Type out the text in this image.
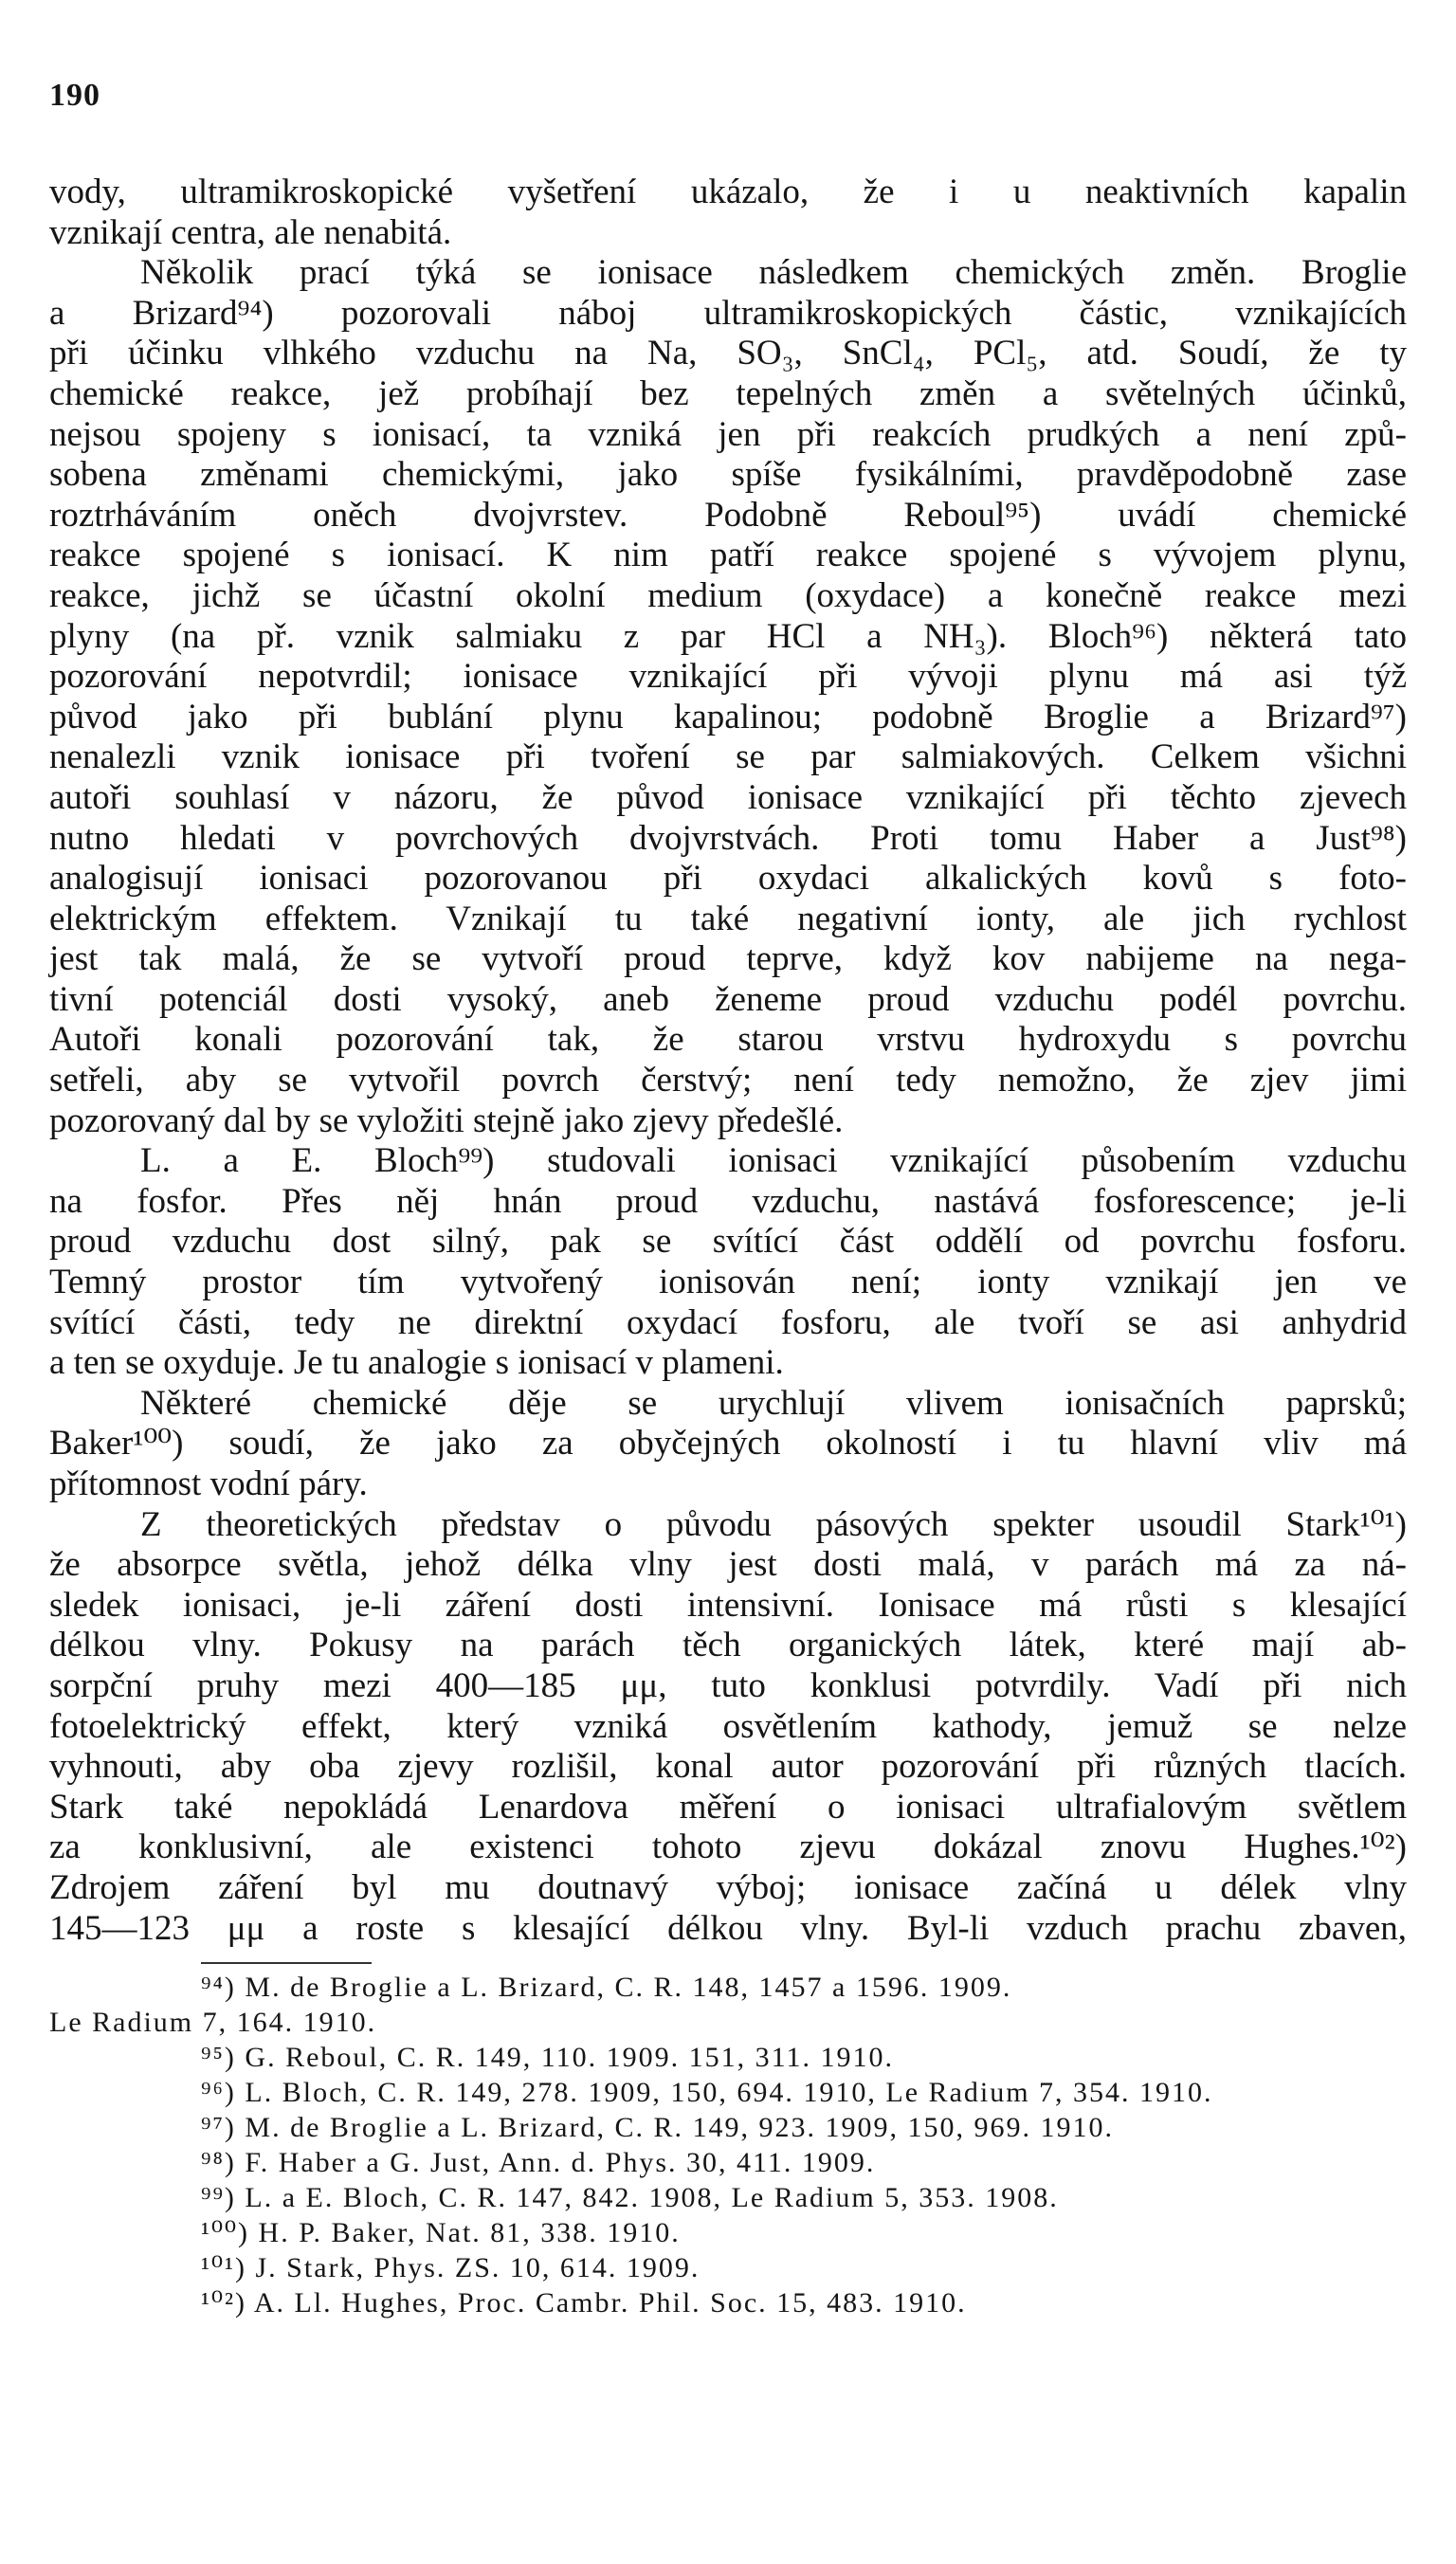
190
vody, ultramikroskopické vyšetření ukázalo, že i u neaktivních kapalin
vznikají centra, ale nenabitá.
Několik prací týká se ionisace následkem chemických změn. Broglie
a Brizard⁹⁴) pozorovali náboj ultramikroskopických částic, vznikajících
při účinku vlhkého vzduchu na Na, SO₃, SnCl₄, PCl₅, atd. Soudí, že ty
chemické reakce, jež probíhají bez tepelných změn a světelných účinků,
nejsou spojeny s ionisací, ta vzniká jen při reakcích prudkých a není způ-
sobena změnami chemickými, jako spíše fysikálními, pravděpodobně zase
roztrháváním oněch dvojvrstev. Podobně Reboul⁹⁵) uvádí chemické
reakce spojené s ionisací. K nim patří reakce spojené s vývojem plynu,
reakce, jichž se účastní okolní medium (oxydace) a konečně reakce mezi
plyny (na př. vznik salmiaku z par HCl a NH₃). Bloch⁹⁶) některá tato
pozorování nepotvrdil; ionisace vznikající při vývoji plynu má asi týž
původ jako při bublání plynu kapalinou; podobně Broglie a Brizard⁹⁷)
nenalezli vznik ionisace při tvoření se par salmiakových. Celkem všichni
autoři souhlasí v názoru, že původ ionisace vznikající při těchto zjevech
nutno hledati v povrchových dvojvrstvách. Proti tomu Haber a Just⁹⁸)
analogisují ionisaci pozorovanou při oxydaci alkalických kovů s foto-
elektrickým effektem. Vznikají tu také negativní ionty, ale jich rychlost
jest tak malá, že se vytvoří proud teprve, když kov nabijeme na nega-
tivní potenciál dosti vysoký, aneb ženeme proud vzduchu podél povrchu.
Autoři konali pozorování tak, že starou vrstvu hydroxydu s povrchu
setřeli, aby se vytvořil povrch čerstvý; není tedy nemožno, že zjev jimi
pozorovaný dal by se vyložiti stejně jako zjevy předešlé.
L. a E. Bloch⁹⁹) studovali ionisaci vznikající působením vzduchu
na fosfor. Přes něj hnán proud vzduchu, nastává fosforescence; je-li
proud vzduchu dost silný, pak se svítící část oddělí od povrchu fosforu.
Temný prostor tím vytvořený ionisován není; ionty vznikají jen ve
svítící části, tedy ne direktní oxydací fosforu, ale tvoří se asi anhydrid
a ten se oxyduje. Je tu analogie s ionisací v plameni.
Některé chemické děje se urychlují vlivem ionisačních paprsků;
Baker¹⁰⁰) soudí, že jako za obyčejných okolností i tu hlavní vliv má
přítomnost vodní páry.
Z theoretických představ o původu pásových spekter usoudil Stark¹⁰¹)
že absorpce světla, jehož délka vlny jest dosti malá, v parách má za ná-
sledek ionisaci, je-li záření dosti intensivní. Ionisace má růsti s klesající
délkou vlny. Pokusy na parách těch organických látek, které mají ab-
sorpční pruhy mezi 400—185 μμ, tuto konklusi potvrdily. Vadí při nich
fotoelektrický effekt, který vzniká osvětlením kathody, jemuž se nelze
vyhnouti, aby oba zjevy rozlišil, konal autor pozorování při různých tlacích.
Stark také nepokládá Lenardova měření o ionisaci ultrafialovým světlem
za konklusivní, ale existenci tohoto zjevu dokázal znovu Hughes.¹⁰²)
Zdrojem záření byl mu doutnavý výboj; ionisace začíná u délek vlny
145—123 μμ a roste s klesající délkou vlny. Byl-li vzduch prachu zbaven,
⁹⁴) M. de Broglie a L. Brizard, C. R. 148, 1457 a 1596. 1909.
Le Radium 7, 164. 1910.
⁹⁵) G. Reboul, C. R. 149, 110. 1909. 151, 311. 1910.
⁹⁶) L. Bloch, C. R. 149, 278. 1909, 150, 694. 1910, Le Radium 7, 354. 1910.
⁹⁷) M. de Broglie a L. Brizard, C. R. 149, 923. 1909, 150, 969. 1910.
⁹⁸) F. Haber a G. Just, Ann. d. Phys. 30, 411. 1909.
⁹⁹) L. a E. Bloch, C. R. 147, 842. 1908, Le Radium 5, 353. 1908.
¹⁰⁰) H. P. Baker, Nat. 81, 338. 1910.
¹⁰¹) J. Stark, Phys. ZS. 10, 614. 1909.
¹⁰²) A. Ll. Hughes, Proc. Cambr. Phil. Soc. 15, 483. 1910.
